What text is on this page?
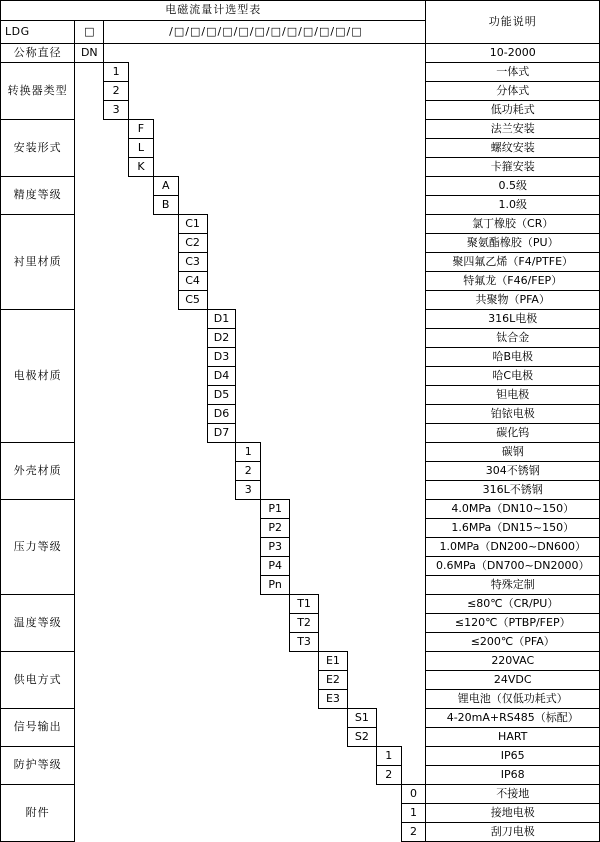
电磁流量计选型表														功能说明
LDG	□	/□/□/□/□/□/□/□/□/□/□/□/□												
公称直径	DN													10-2000
转换器类型		1												一体式
		2												分体式
		3												低功耗式
安装形式			F											法兰安装
			L											螺纹安装
			K											卡箍安装
精度等级				A										0.5级
				B										1.0级
衬里材质					C1									氯丁橡胶（CR）
					C2									聚氨酯橡胶（PU）
					C3									聚四氟乙烯（F4/PTFE）
					C4									特氟龙（F46/FEP）
					C5									共聚物（PFA）
电极材质						D1								316L电极
						D2								钛合金
						D3								哈B电极
						D4								哈C电极
						D5								钽电极
						D6								铂铱电极
						D7								碳化钨
外壳材质							1							碳钢
							2							304不锈钢
							3							316L不锈钢
压力等级								P1						4.0MPa（DN10~150）
								P2						1.6MPa（DN15~150）
								P3						1.0MPa（DN200~DN600）
								P4						0.6MPa（DN700~DN2000）
								Pn						特殊定制
温度等级									T1					≤80℃（CR/PU）
									T2					≤120℃（PTBP/FEP）
									T3					≤200℃（PFA）
供电方式										E1				220VAC
										E2				24VDC
										E3				锂电池（仅低功耗式）
信号输出											S1			4-20mA+RS485（标配）
											S2			HART
防护等级												1		IP65
												2		IP68
附件													0	不接地
													1	接地电极
													2	刮刀电极
